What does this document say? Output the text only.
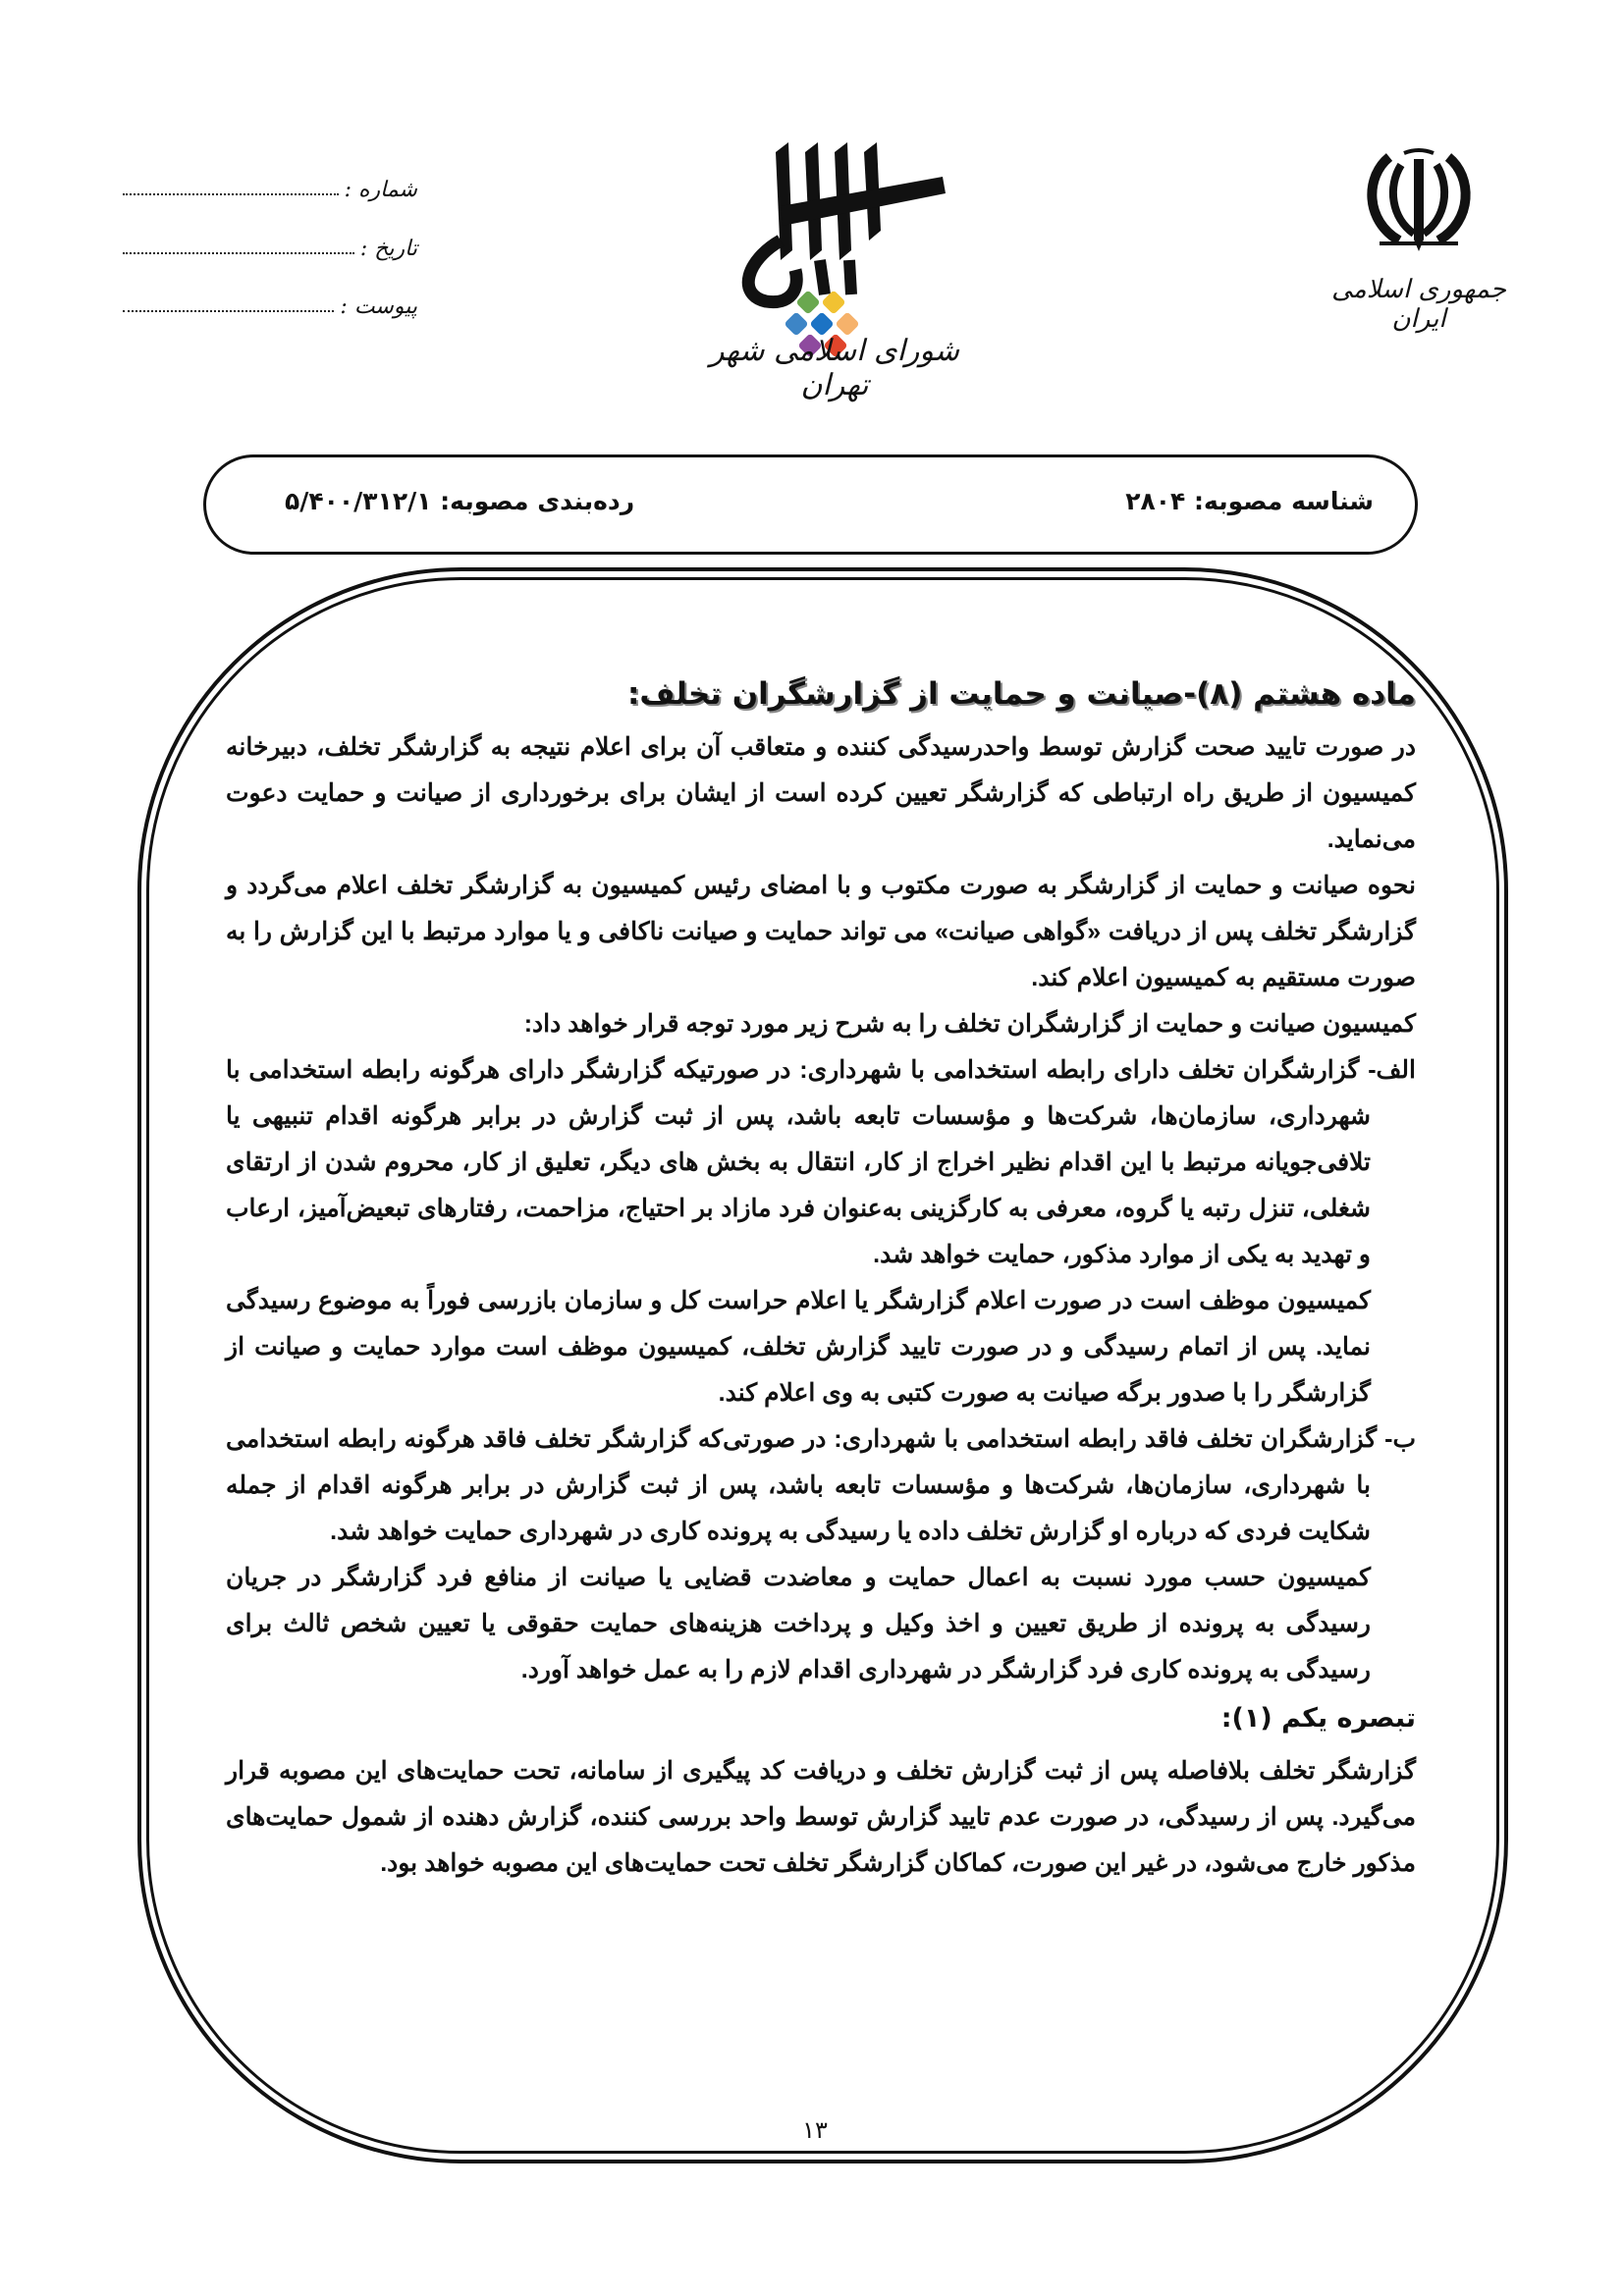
شماره :
تاریخ :
پیوست :
شورای اسلامی شهر تهران
جمهوری اسلامی ایران
شناسه مصوبه: ۲۸۰۴
رده‌بندی مصوبه: ۵/۴۰۰/۳۱۲/۱
ماده هشتم (۸)-صیانت و حمایت از گزارشگران تخلف:

در صورت تایید صحت گزارش توسط واحدرسیدگی کننده و متعاقب آن برای اعلام نتیجه به گزارشگر تخلف، دبیرخانه کمیسیون از طریق راه ارتباطی که گزارشگر تعیین کرده است از ایشان برای برخورداری از صیانت و حمایت دعوت می‌نماید.

نحوه صیانت و حمایت از گزارشگر به صورت مکتوب و با امضای رئیس کمیسیون به گزارشگر تخلف اعلام می‌گردد و گزارشگر تخلف پس از دریافت «گواهی صیانت» می تواند حمایت و صیانت ناکافی و یا موارد مرتبط با این گزارش را به صورت مستقیم به کمیسیون اعلام کند.

کمیسیون صیانت و حمایت از گزارشگران تخلف را به شرح زیر مورد توجه قرار خواهد داد:

الف- گزارشگران تخلف دارای رابطه استخدامی با شهرداری: در صورتیکه گزارشگر دارای هرگونه رابطه استخدامی با شهرداری، سازمان‌ها، شرکت‌ها و مؤسسات تابعه باشد، پس از ثبت گزارش در برابر هرگونه اقدام تنبیهی یا تلافی‌جویانه مرتبط با این اقدام نظیر اخراج از کار، انتقال به بخش های دیگر، تعلیق از کار، محروم شدن از ارتقای شغلی، تنزل رتبه یا گروه، معرفی به کارگزینی به‌عنوان فرد مازاد بر احتیاج، مزاحمت، رفتارهای تبعیض‌آمیز، ارعاب و تهدید به یکی از موارد مذکور، حمایت خواهد شد.

کمیسیون موظف است در صورت اعلام گزارشگر یا اعلام حراست کل و سازمان بازرسی فوراً به موضوع رسیدگی نماید. پس از اتمام رسیدگی و در صورت تایید گزارش تخلف، کمیسیون موظف است موارد حمایت و صیانت از گزارشگر را با صدور برگه صیانت به صورت کتبی به وی اعلام کند.

ب- گزارشگران تخلف فاقد رابطه استخدامی با شهرداری: در صورتی‌که گزارشگر تخلف فاقد هرگونه رابطه استخدامی با شهرداری، سازمان‌ها، شرکت‌ها و مؤسسات تابعه باشد، پس از ثبت گزارش در برابر هرگونه اقدام از جمله شکایت فردی که درباره او گزارش تخلف داده یا رسیدگی به پرونده کاری در شهرداری حمایت خواهد شد.

کمیسیون حسب مورد نسبت به اعمال حمایت و معاضدت قضایی یا صیانت از منافع فرد گزارشگر در جریان رسیدگی به پرونده از طریق تعیین و اخذ وکیل و پرداخت هزینه‌های حمایت حقوقی یا تعیین شخص ثالث برای رسیدگی به پرونده کاری فرد گزارشگر در شهرداری اقدام لازم را به عمل خواهد آورد.

تبصره یکم (۱):

گزارشگر تخلف بلافاصله پس از ثبت گزارش تخلف و دریافت کد پیگیری از سامانه، تحت حمایت‌های این مصوبه قرار می‌گیرد. پس از رسیدگی، در صورت عدم تایید گزارش توسط واحد بررسی کننده، گزارش دهنده از شمول حمایت‌های مذکور خارج می‌شود، در غیر این صورت، کماکان گزارشگر تخلف تحت حمایت‌های این مصوبه خواهد بود.

۱۳
